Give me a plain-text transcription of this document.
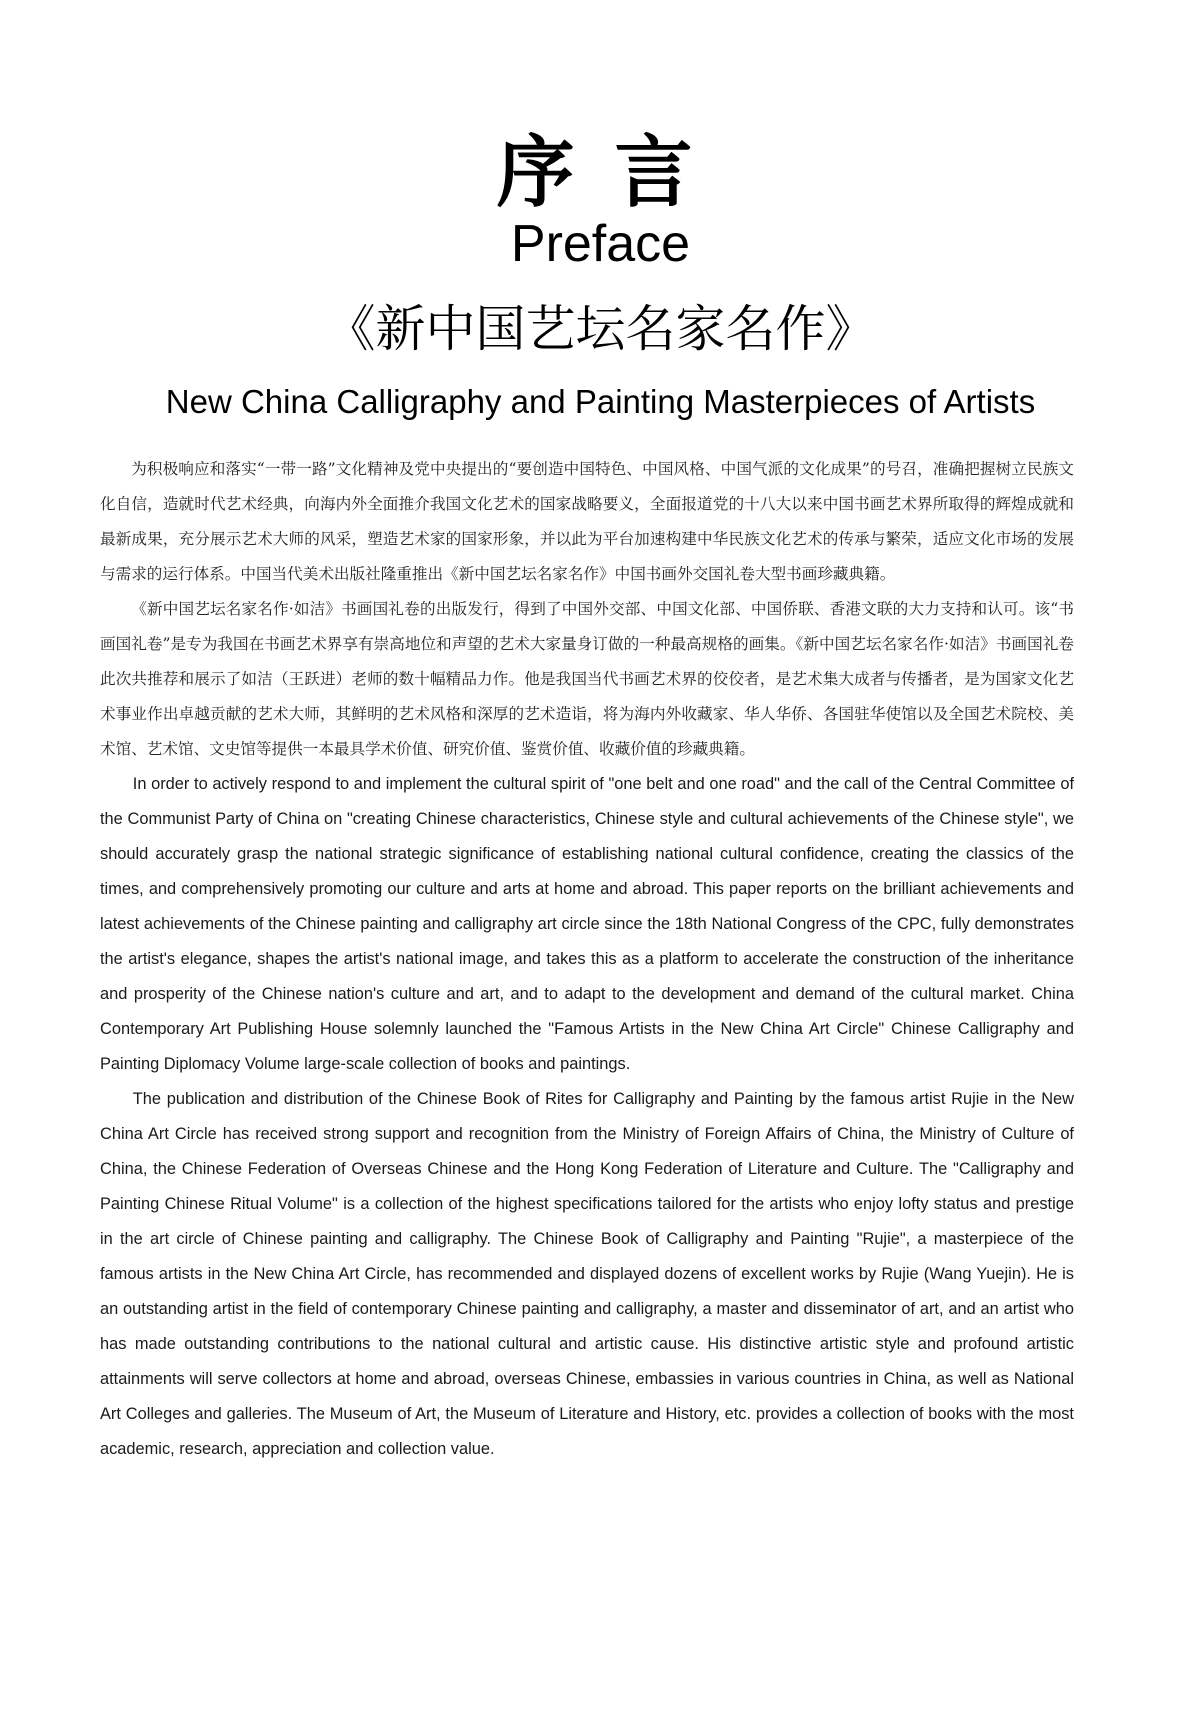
序言
Preface
《新中国艺坛名家名作》
New China Calligraphy and Painting Masterpieces of Artists

为积极响应和落实“一带一路”文化精神及党中央提出的“要创造中国特色、中国风格、中国气派的文化成果”的号召，准确把握树立民族文化自信，造就时代艺术经典，向海内外全面推介我国文化艺术的国家战略要义，全面报道党的十八大以来中国书画艺术界所取得的辉煌成就和最新成果，充分展示艺术大师的风采，塑造艺术家的国家形象，并以此为平台加速构建中华民族文化艺术的传承与繁荣，适应文化市场的发展与需求的运行体系。中国当代美术出版社隆重推出《新中国艺坛名家名作》中国书画外交国礼卷大型书画珍藏典籍。

《新中国艺坛名家名作·如洁》书画国礼卷的出版发行，得到了中国外交部、中国文化部、中国侨联、香港文联的大力支持和认可。该“书画国礼卷”是专为我国在书画艺术界享有崇高地位和声望的艺术大家量身订做的一种最高规格的画集。《新中国艺坛名家名作·如洁》书画国礼卷此次共推荐和展示了如洁（王跃进）老师的数十幅精品力作。他是我国当代书画艺术界的佼佼者，是艺术集大成者与传播者，是为国家文化艺术事业作出卓越贡献的艺术大师，其鲜明的艺术风格和深厚的艺术造诣，将为海内外收藏家、华人华侨、各国驻华使馆以及全国艺术院校、美术馆、艺术馆、文史馆等提供一本最具学术价值、研究价值、鉴赏价值、收藏价值的珍藏典籍。

In order to actively respond to and implement the cultural spirit of "one belt and one road" and the call of the Central Committee of the Communist Party of China on "creating Chinese characteristics, Chinese style and cultural achievements of the Chinese style", we should accurately grasp the national strategic significance of establishing national cultural confidence, creating the classics of the times, and comprehensively promoting our culture and arts at home and abroad. This paper reports on the brilliant achievements and latest achievements of the Chinese painting and calligraphy art circle since the 18th National Congress of the CPC, fully demonstrates the artist's elegance, shapes the artist's national image, and takes this as a platform to accelerate the construction of the inheritance and prosperity of the Chinese nation's culture and art, and to adapt to the development and demand of the cultural market. China Contemporary Art Publishing House solemnly launched the "Famous Artists in the New China Art Circle" Chinese Calligraphy and Painting Diplomacy Volume large-scale collection of books and paintings.

The publication and distribution of the Chinese Book of Rites for Calligraphy and Painting by the famous artist Rujie in the New China Art Circle has received strong support and recognition from the Ministry of Foreign Affairs of China, the Ministry of Culture of China, the Chinese Federation of Overseas Chinese and the Hong Kong Federation of Literature and Culture. The "Calligraphy and Painting Chinese Ritual Volume" is a collection of the highest specifications tailored for the artists who enjoy lofty status and prestige in the art circle of Chinese painting and calligraphy. The Chinese Book of Calligraphy and Painting "Rujie", a masterpiece of the famous artists in the New China Art Circle, has recommended and displayed dozens of excellent works by Rujie (Wang Yuejin). He is an outstanding artist in the field of contemporary Chinese painting and calligraphy, a master and disseminator of art, and an artist who has made outstanding contributions to the national cultural and artistic cause. His distinctive artistic style and profound artistic attainments will serve collectors at home and abroad, overseas Chinese, embassies in various countries in China, as well as National Art Colleges and galleries. The Museum of Art, the Museum of Literature and History, etc. provides a collection of books with the most academic, research, appreciation and collection value.
